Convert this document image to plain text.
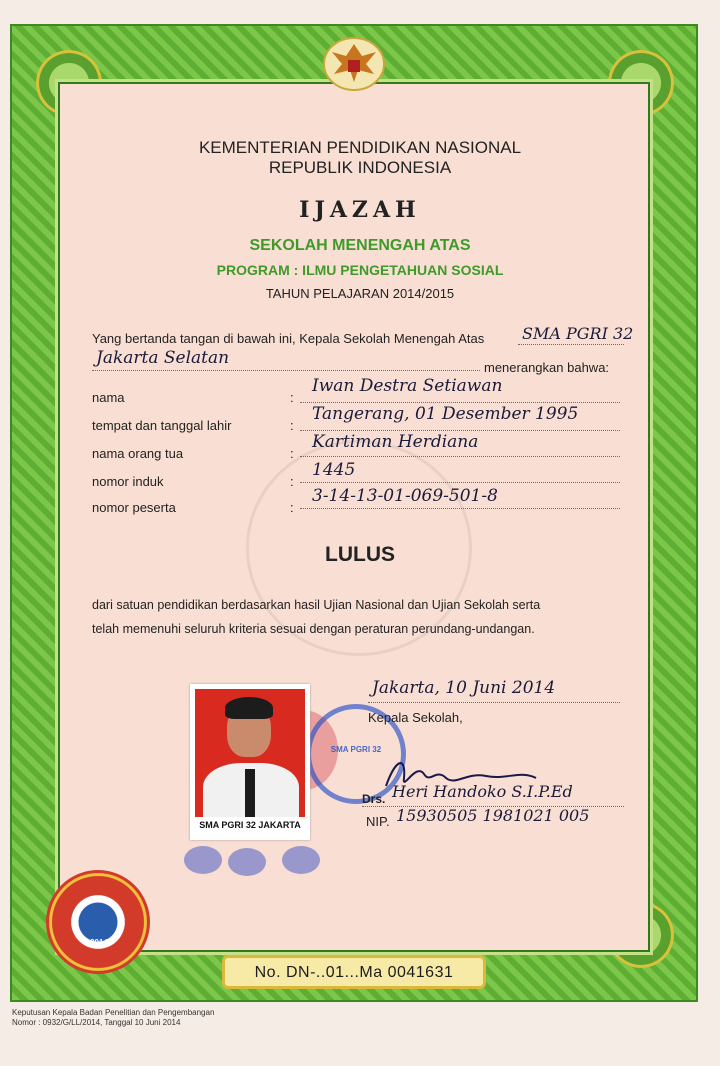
KEMENTERIAN PENDIDIKAN NASIONAL
REPUBLIK INDONESIA
IJAZAH
SEKOLAH MENENGAH ATAS
PROGRAM : ILMU PENGETAHUAN SOSIAL
TAHUN PELAJARAN 2014/2015
Yang bertanda tangan di bawah ini, Kepala Sekolah Menengah Atas SMA PGRI 32
Jakarta Selatan	menerangkan bahwa:
nama	:
Iwan Destra Setiawan
tempat dan tanggal lahir	:
Tangerang, 01 Desember 1995
nama orang tua	:
Kartiman Herdiana
nomor induk	:
1445
nomor peserta	:
3-14-13-01-069-501-8
LULUS
dari satuan pendidikan berdasarkan hasil Ujian Nasional dan Ujian Sekolah serta
telah memenuhi seluruh kriteria sesuai dengan peraturan perundang-undangan.
SMA PGRI 32
SMA PGRI 32 JAKARTA
Jakarta, 10 Juni 2014
Kepala Sekolah,
Drs. Heri Handoko S.I.P.Ed
NIP. 15930505 1981021 005
2014
No. DN-..01...Ma 0041631
Keputusan Kepala Badan Penelitian dan Pengembangan
Nomor : 0932/G/LL/2014, Tanggal 10 Juni 2014
